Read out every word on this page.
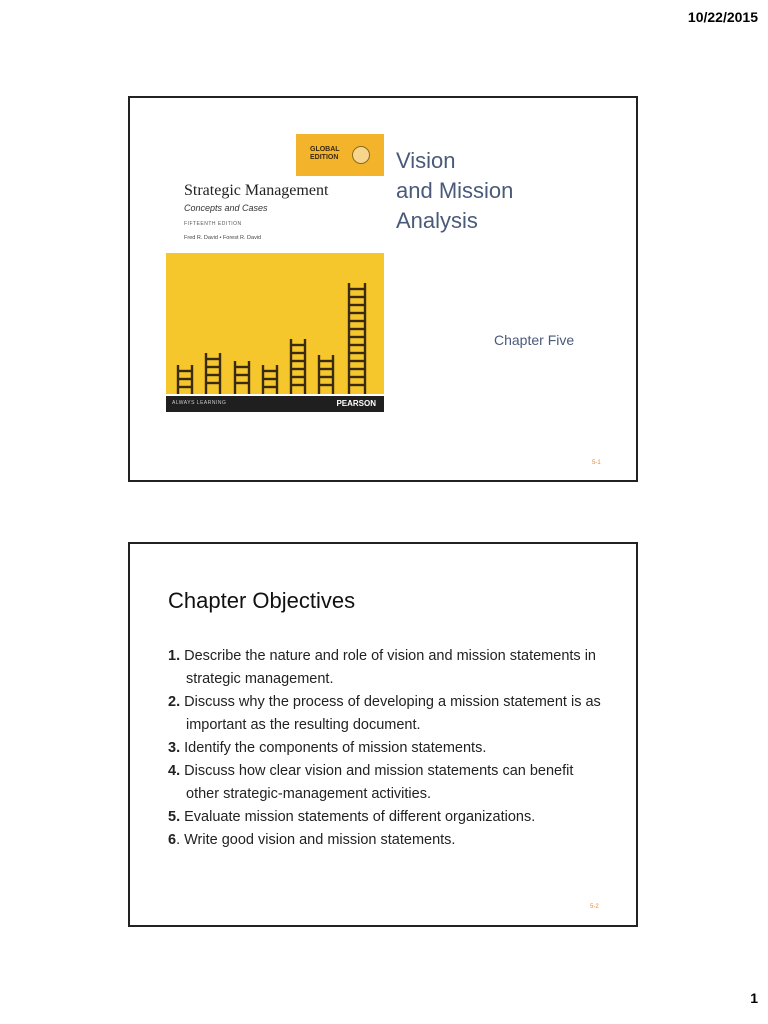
10/22/2015
GLOBAL
EDITION
Strategic Management
Concepts and Cases
FIFTEENTH EDITION
Fred R. David • Forest R. David
ALWAYS LEARNING	PEARSON
Vision
and Mission
Analysis
Chapter Five
5-1
Chapter Objectives
1. Describe the nature and role of vision and mission statements in strategic management.
2. Discuss why the process of developing a mission statement is as important as the resulting document.
3. Identify the components of mission statements.
4. Discuss how clear vision and mission statements can benefit other strategic-management activities.
5. Evaluate mission statements of different organizations.
6. Write good vision and mission statements.
5-2
1
